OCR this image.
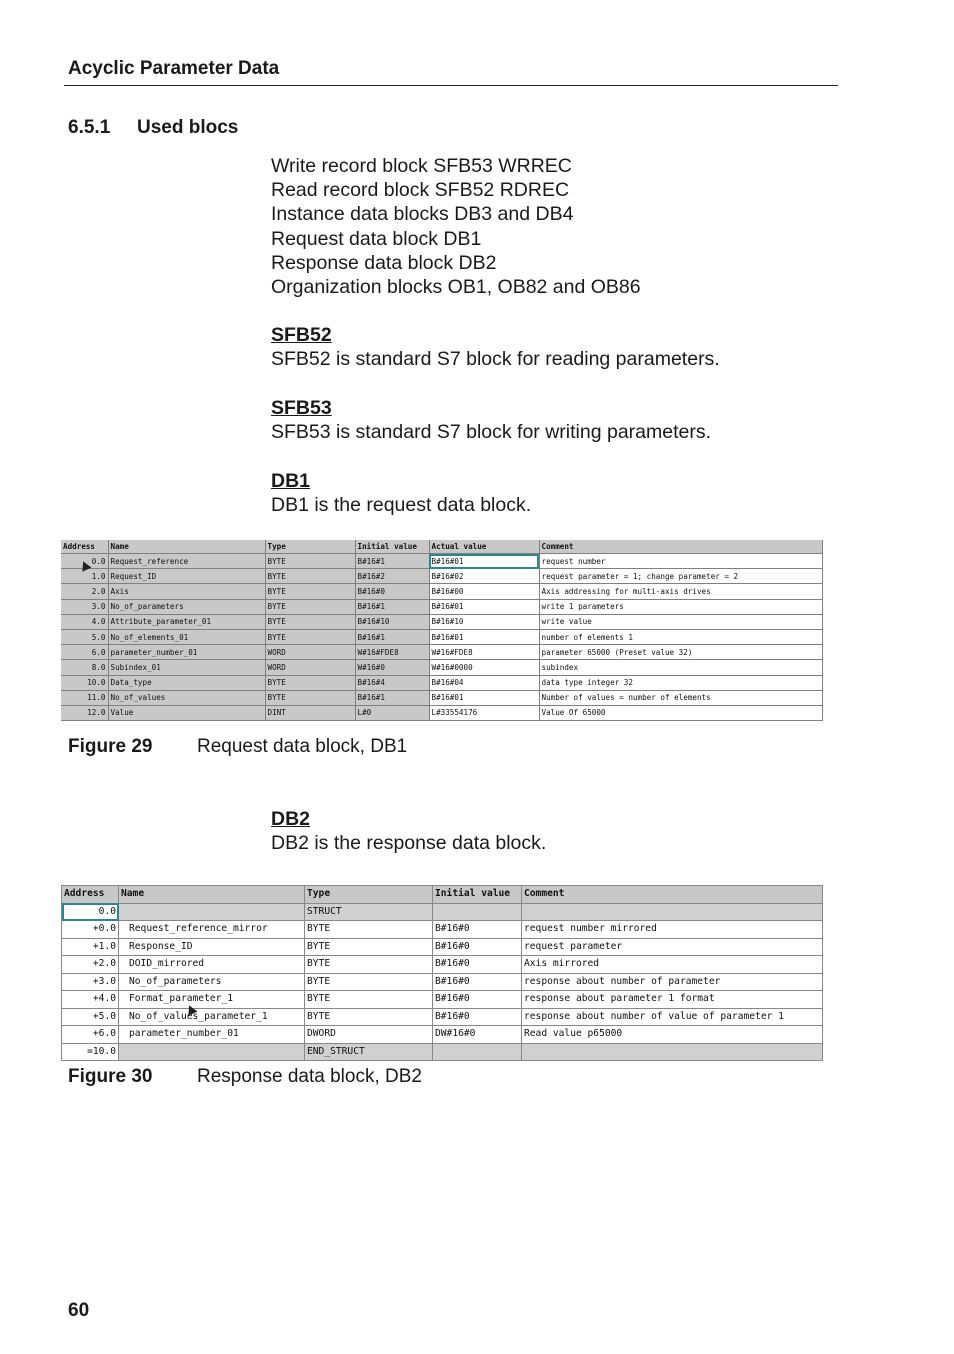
Acyclic Parameter Data
6.5.1 Used blocs
Write record block SFB53 WRREC
Read record block SFB52 RDREC
Instance data blocks DB3 and DB4
Request data block DB1
Response data block DB2
Organization blocks OB1, OB82 and OB86
SFB52
SFB52 is standard S7 block for reading parameters.
SFB53
SFB53 is standard S7 block for writing parameters.
DB1
DB1 is the request data block.
Address	Name	Type	Initial value	Actual value	Comment
0.0	Request_reference	BYTE	B#16#1	B#16#01	request number
1.0	Request_ID	BYTE	B#16#2	B#16#02	request parameter = 1; change parameter = 2
2.0	Axis	BYTE	B#16#0	B#16#00	Axis addressing for multi-axis drives
3.0	No_of_parameters	BYTE	B#16#1	B#16#01	write 1 parameters
4.0	Attribute_parameter_01	BYTE	B#16#10	B#16#10	write value
5.0	No_of_elements_01	BYTE	B#16#1	B#16#01	number of elements 1
6.0	parameter_number_01	WORD	W#16#FDE8	W#16#FDE8	parameter 65000 (Preset value 32)
8.0	Subindex_01	WORD	W#16#0	W#16#0000	subindex
10.0	Data_type	BYTE	B#16#4	B#16#04	data type integer 32
11.0	No_of_values	BYTE	B#16#1	B#16#01	Number of values = number of elements
12.0	Value	DINT	L#0	L#33554176	Value Of 65000
Figure 29 Request data block, DB1
DB2
DB2 is the response data block.
Address	Name	Type	Initial value	Comment
0.0		STRUCT		
+0.0	Request_reference_mirror	BYTE	B#16#0	request number mirrored
+1.0	Response_ID	BYTE	B#16#0	request parameter
+2.0	DOID_mirrored	BYTE	B#16#0	Axis mirrored
+3.0	No_of_parameters	BYTE	B#16#0	response about number of parameter
+4.0	Format_parameter_1	BYTE	B#16#0	response about parameter 1 format
+5.0	No_of_values_parameter_1	BYTE	B#16#0	response about number of value of parameter 1
+6.0	parameter_number_01	DWORD	DW#16#0	Read value p65000
=10.0		END_STRUCT		
Figure 30 Response data block, DB2
60
